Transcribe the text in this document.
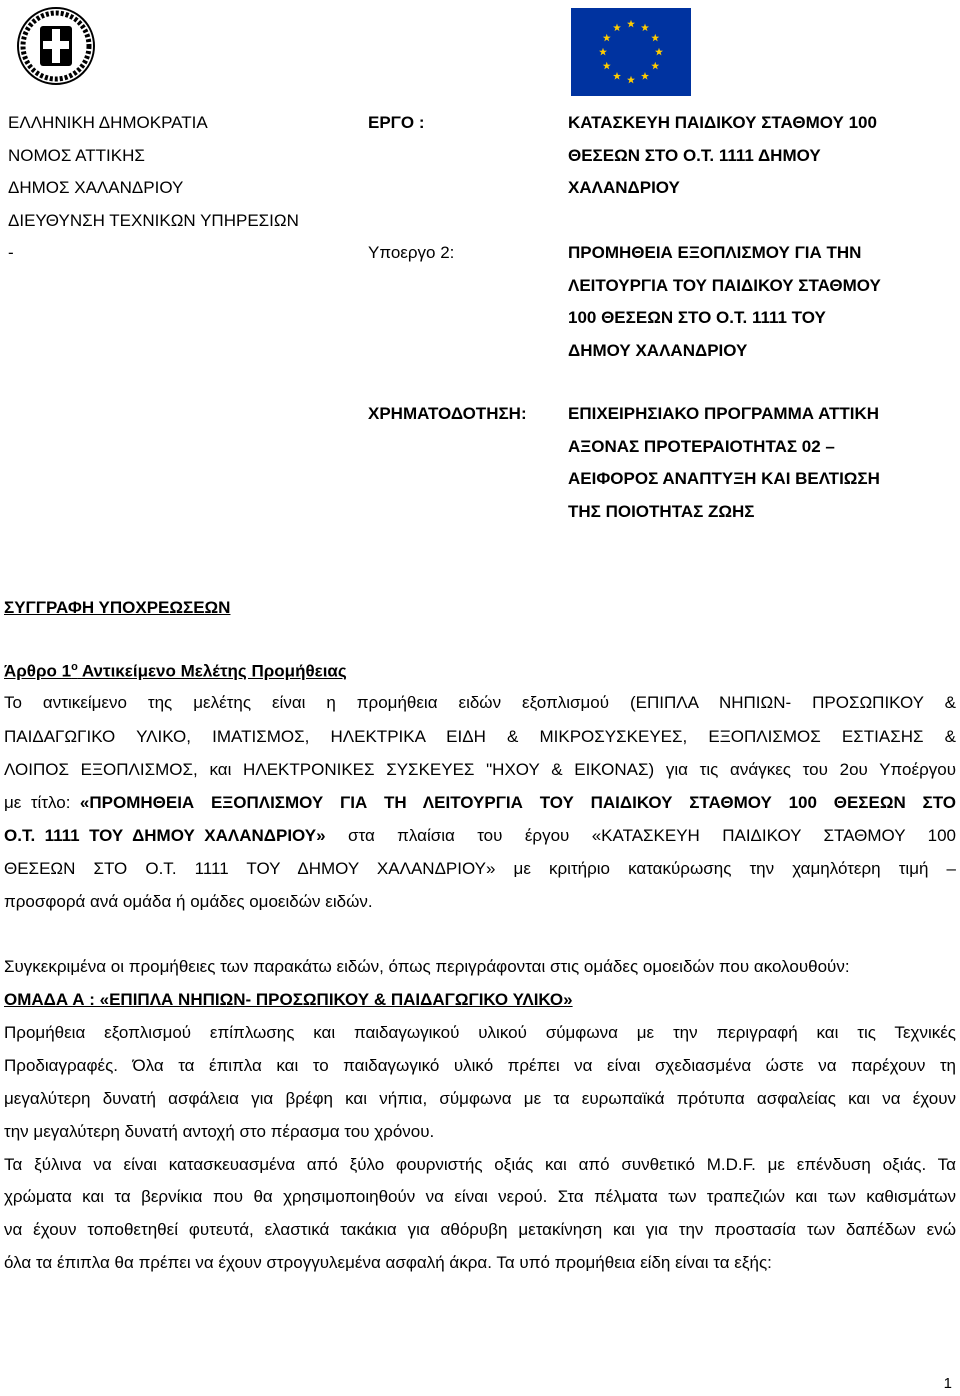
ΕΛΛΗΝΙΚΗ ΔΗΜΟΚΡΑΤΙΑ
ΝΟΜΟΣ ΑΤΤΙΚΗΣ
ΔΗΜΟΣ ΧΑΛΑΝΔΡΙΟΥ
ΔΙΕΥΘΥΝΣΗ ΤΕΧΝΙΚΩΝ ΥΠΗΡΕΣΙΩΝ
-
ΕΡΓΟ :
Υποεργο 2:
ΧΡΗΜΑΤΟΔΟΤΗΣΗ:
ΚΑΤΑΣΚΕΥΗ ΠΑΙΔΙΚΟΥ ΣΤΑΘΜΟΥ 100
ΘΕΣΕΩΝ ΣΤΟ Ο.Τ. 1111 ΔΗΜΟΥ
ΧΑΛΑΝΔΡΙΟΥ
ΠΡΟΜΗΘΕΙΑ ΕΞΟΠΛΙΣΜΟΥ ΓΙΑ ΤΗΝ
ΛΕΙΤΟΥΡΓΙΑ ΤΟΥ ΠΑΙΔΙΚΟΥ ΣΤΑΘΜΟΥ
100 ΘΕΣΕΩΝ ΣΤΟ Ο.Τ. 1111 ΤΟΥ
ΔΗΜΟΥ ΧΑΛΑΝΔΡΙΟΥ
ΕΠΙΧΕΙΡΗΣΙΑΚΟ ΠΡΟΓΡΑΜΜΑ ΑΤΤΙΚΗ
ΑΞΟΝΑΣ ΠΡΟΤΕΡΑΙΟΤΗΤΑΣ 02 –
ΑΕΙΦΟΡΟΣ ΑΝΑΠΤΥΞΗ ΚΑΙ ΒΕΛΤΙΩΣΗ
ΤΗΣ ΠΟΙΟΤΗΤΑΣ ΖΩΗΣ
ΣΥΓΓΡΑΦΗ ΥΠΟΧΡΕΩΣΕΩΝ
Άρθρο $1^o$ Αντικείμενο Μελέτης Προμήθειας
Το αντικείμενο της μελέτης είναι η προμήθεια ειδών εξοπλισμού (ΕΠΙΠΛΑ ΝΗΠΙΩΝ- ΠΡΟΣΩΠΙΚΟΥ &
ΠΑΙΔΑΓΩΓΙΚΟ ΥΛΙΚΟ, ΙΜΑΤΙΣΜΟΣ, ΗΛΕΚΤΡΙΚΑ ΕΙΔΗ & ΜΙΚΡΟΣΥΣΚΕΥΕΣ, ΕΞΟΠΛΙΣΜΟΣ ΕΣΤΙΑΣΗΣ &
ΛΟΙΠΟΣ ΕΞΟΠΛΙΣΜΟΣ, και ΗΛΕΚΤΡΟΝΙΚΕΣ ΣΥΣΚΕΥΕΣ "ΗΧΟΥ & ΕΙΚΟΝΑΣ) για τις ανάγκες του 2ου Υποέργου
με  τίτλο: «ΠΡΟΜΗΘΕΙΑ ΕΞΟΠΛΙΣΜΟΥ ΓΙΑ ΤΗ ΛΕΙΤΟΥΡΓΙΑ ΤΟΥ ΠΑΙΔΙΚΟΥ ΣΤΑΘΜΟΥ 100 ΘΕΣΕΩΝ ΣΤΟ
Ο.Τ.  1111  ΤΟΥ  ΔΗΜΟΥ  ΧΑΛΑΝΔΡΙΟΥ» στα  πλαίσια  του  έργου  «ΚΑΤΑΣΚΕΥΗ  ΠΑΙΔΙΚΟΥ  ΣΤΑΘΜΟΥ  100
ΘΕΣΕΩΝ ΣΤΟ Ο.Τ. 1111 ΤΟΥ ΔΗΜΟΥ ΧΑΛΑΝΔΡΙΟΥ» με κριτήριο κατακύρωσης την χαμηλότερη τιμή –
προσφορά ανά ομάδα ή ομάδες ομοειδών ειδών.
Συγκεκριμένα οι προμήθειες των παρακάτω ειδών, όπως περιγράφονται στις ομάδες ομοειδών που ακολουθούν:
ΟΜΑΔΑ Α : «ΕΠΙΠΛΑ ΝΗΠΙΩΝ- ΠΡΟΣΩΠΙΚΟΥ & ΠΑΙΔΑΓΩΓΙΚΟ ΥΛΙΚΟ»
Προμήθεια εξοπλισμού επίπλωσης και παιδαγωγικού υλικού σύμφωνα με την περιγραφή και τις Τεχνικές
Προδιαγραφές. Όλα τα έπιπλα και το παιδαγωγικό υλικό πρέπει να είναι σχεδιασμένα ώστε να παρέχουν τη
μεγαλύτερη δυνατή ασφάλεια για βρέφη και νήπια, σύμφωνα με τα ευρωπαϊκά πρότυπα ασφαλείας και να έχουν
την μεγαλύτερη δυνατή αντοχή στο πέρασμα του χρόνου.
Τα ξύλινα να είναι κατασκευασμένα από ξύλο φουρνιστής οξιάς και από συνθετικό M.D.F. με επένδυση οξιάς. Τα
χρώματα και τα βερνίκια που θα χρησιμοποιηθούν να είναι νερού. Στα πέλματα των τραπεζιών και των καθισμάτων
να έχουν τοποθετηθεί φυτευτά, ελαστικά τακάκια για αθόρυβη μετακίνηση και για την προστασία των δαπέδων ενώ
όλα τα έπιπλα θα πρέπει να έχουν στρογγυλεμένα ασφαλή άκρα. Τα υπό προμήθεια είδη είναι τα εξής:
1
